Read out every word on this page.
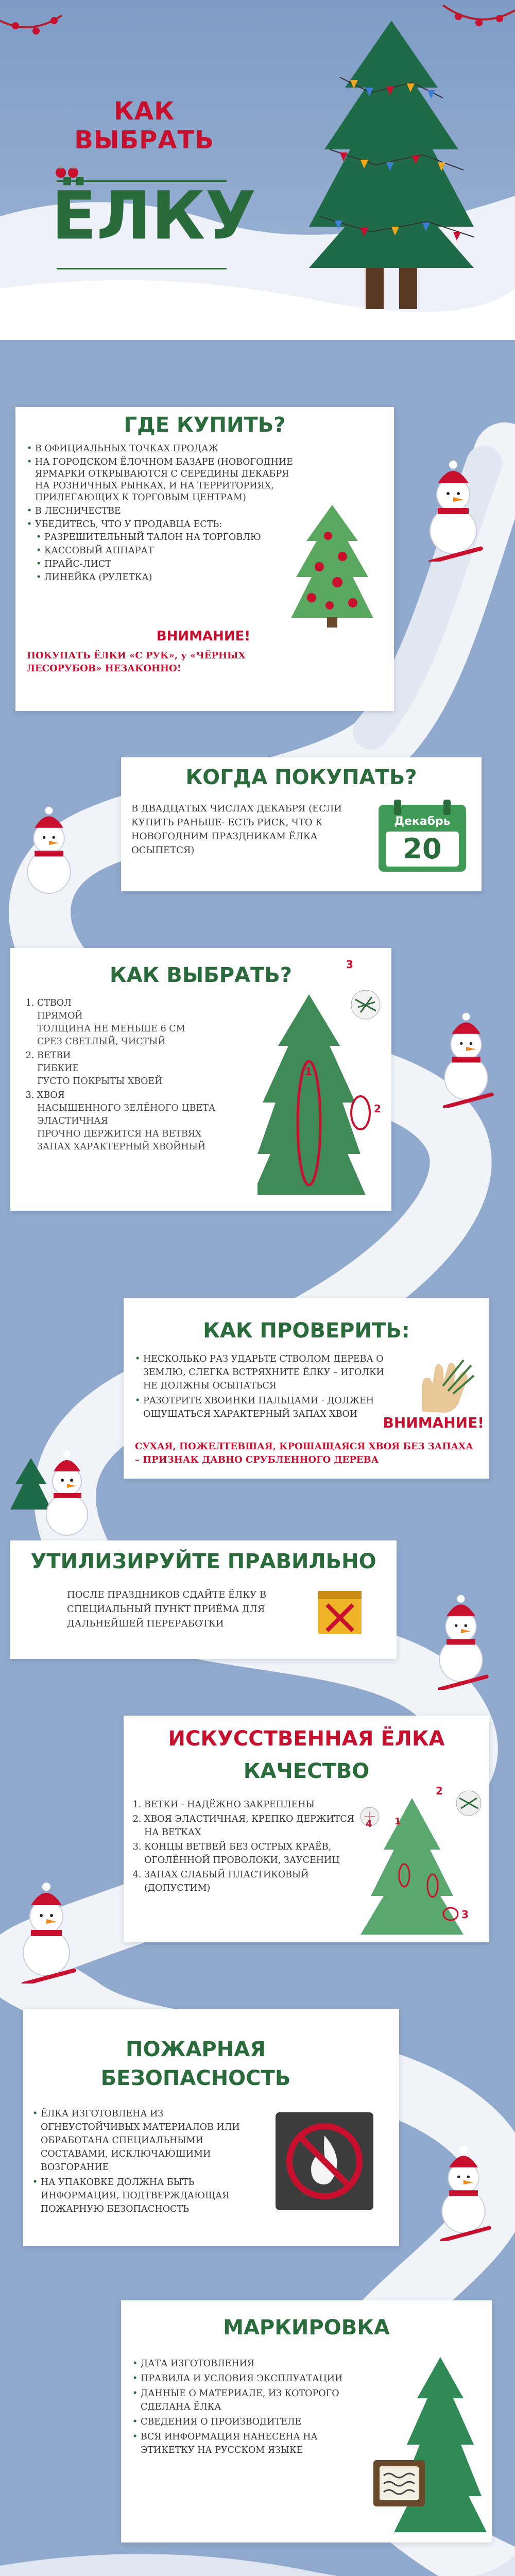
КАК ВЫБРАТЬ
ЁЛКУ
ГДЕ КУПИТЬ?
• В ОФИЦИАЛЬНЫХ ТОЧКАХ ПРОДАЖ
• НА ГОРОДСКОМ ЁЛОЧНОМ БАЗАРЕ (НОВОГОДНИЕ ЯРМАРКИ ОТКРЫВАЮТСЯ С СЕРЕДИНЫ ДЕКАБРЯ НА РОЗНИЧНЫХ РЫНКАХ, И НА ТЕРРИТОРИЯХ, ПРИЛЕГАЮЩИХ К ТОРГОВЫМ ЦЕНТРАМ)
• В ЛЕСНИЧЕСТВЕ
• УБЕДИТЕСЬ, ЧТО У ПРОДАВЦА ЕСТЬ:
• РАЗРЕШИТЕЛЬНЫЙ ТАЛОН НА ТОРГОВЛЮ
• КАССОВЫЙ АППАРАТ
• ПРАЙС-ЛИСТ
• ЛИНЕЙКА (РУЛЕТКА)
ВНИМАНИЕ!
ПОКУПАТЬ ЁЛКИ «С РУК», у «ЧЁРНЫХ ЛЕСОРУБОВ» НЕЗАКОННО!
КОГДА ПОКУПАТЬ?
В ДВАДЦАТЫХ ЧИСЛАХ ДЕКАБРЯ (ЕСЛИ КУПИТЬ РАНЬШЕ- ЕСТЬ РИСК, ЧТО К НОВОГОДНИМ ПРАЗДНИКАМ ЁЛКА ОСЫПЕТСЯ)
Декабрь
20
КАК ВЫБРАТЬ?
1. СТВОЛ
ПРЯМОЙ
ТОЛЩИНА НЕ МЕНЬШЕ 6 СМ
СРЕЗ СВЕТЛЫЙ, ЧИСТЫЙ
2. ВЕТВИ
ГИБКИЕ
ГУСТО ПОКРЫТЫ ХВОЕЙ
3. ХВОЯ
НАСЫЩЕННОГО ЗЕЛЁНОГО ЦВЕТА
ЭЛАСТИЧНАЯ
ПРОЧНО ДЕРЖИТСЯ НА ВЕТВЯХ
ЗАПАХ ХАРАКТЕРНЫЙ ХВОЙНЫЙ
1
2
3
КАК ПРОВЕРИТЬ:
• НЕСКОЛЬКО РАЗ УДАРЬТЕ СТВОЛОМ ДЕРЕВА О ЗЕМЛЮ, СЛЕГКА ВСТРЯХНИТЕ ЁЛКУ – ИГОЛКИ НЕ ДОЛЖНЫ ОСЫПАТЬСЯ
• РАЗОТРИТЕ ХВОИНКИ ПАЛЬЦАМИ - ДОЛЖЕН ОЩУЩАТЬСЯ ХАРАКТЕРНЫЙ ЗАПАХ ХВОИ	ВНИМАНИЕ!
СУХАЯ, ПОЖЕЛТЕВШАЯ, КРОШАЩАЯСЯ ХВОЯ БЕЗ ЗАПАХА – ПРИЗНАК ДАВНО СРУБЛЕННОГО ДЕРЕВА
УТИЛИЗИРУЙТЕ ПРАВИЛЬНО
ПОСЛЕ ПРАЗДНИКОВ СДАЙТЕ ЁЛКУ В СПЕЦИАЛЬНЫЙ ПУНКТ ПРИЁМА ДЛЯ ДАЛЬНЕЙШЕЙ ПЕРЕРАБОТКИ
ИСКУССТВЕННАЯ ЁЛКА
КАЧЕСТВО
1. ВЕТКИ - НАДЁЖНО ЗАКРЕПЛЕНЫ
2. ХВОЯ ЭЛАСТИЧНАЯ, КРЕПКО ДЕРЖИТСЯ НА ВЕТКАХ
3. КОНЦЫ ВЕТВЕЙ БЕЗ ОСТРЫХ КРАЁВ, ОГОЛЁННОЙ ПРОВОЛОКИ, ЗАУСЕНИЦ
4. ЗАПАХ СЛАБЫЙ ПЛАСТИКОВЫЙ (ДОПУСТИМ)
1
2
3
4
ПОЖАРНАЯ БЕЗОПАСНОСТЬ
• ЁЛКА ИЗГОТОВЛЕНА ИЗ ОГНЕУСТОЙЧИВЫХ МАТЕРИАЛОВ ИЛИ ОБРАБОТАНА СПЕЦИАЛЬНЫМИ СОСТАВАМИ, ИСКЛЮЧАЮЩИМИ ВОЗГОРАНИЕ
• НА УПАКОВКЕ ДОЛЖНА БЫТЬ ИНФОРМАЦИЯ, ПОДТВЕРЖДАЮЩАЯ ПОЖАРНУЮ БЕЗОПАСНОСТЬ
МАРКИРОВКА
• ДАТА ИЗГОТОВЛЕНИЯ
• ПРАВИЛА И УСЛОВИЯ ЭКСПЛУАТАЦИИ
• ДАННЫЕ О МАТЕРИАЛЕ, ИЗ КОТОРОГО СДЕЛАНА ЁЛКА
• СВЕДЕНИЯ О ПРОИЗВОДИТЕЛЕ
• ВСЯ ИНФОРМАЦИЯ НАНЕСЕНА НА ЭТИКЕТКУ НА РУССКОМ ЯЗЫКЕ
